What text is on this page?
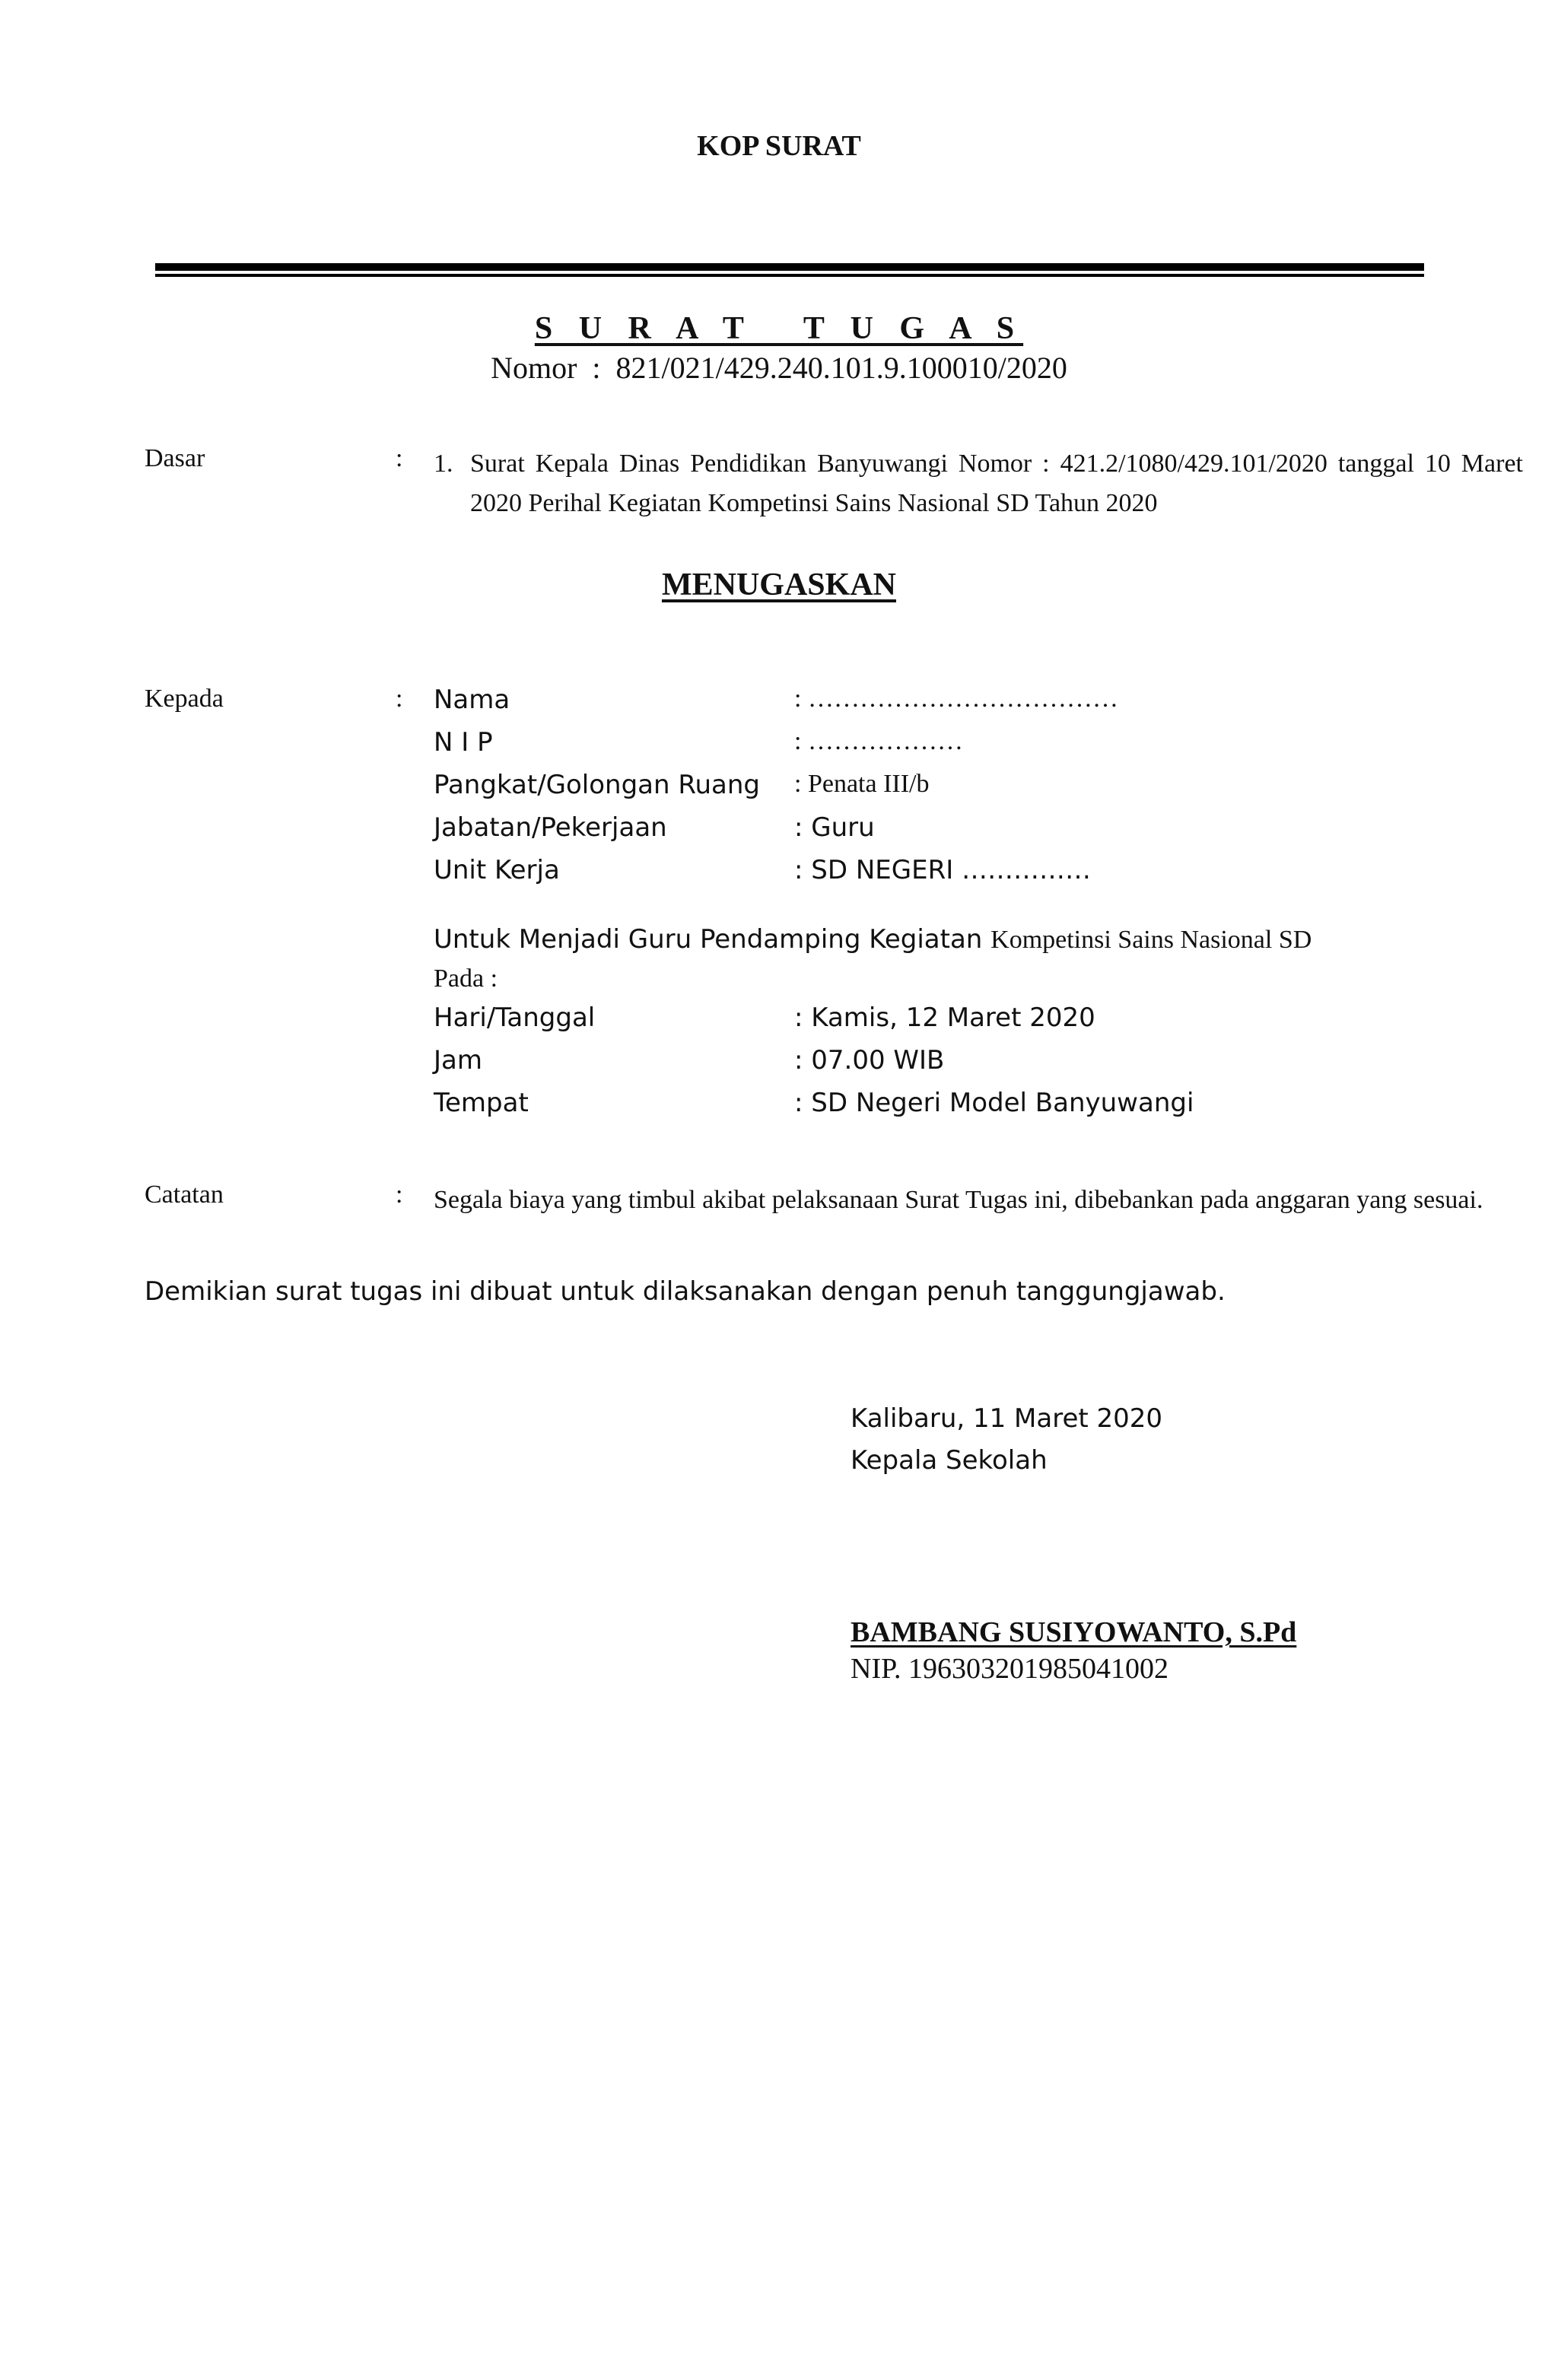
KOP SURAT
S U R A T   T U G A S
Nomor  :  821/021/429.240.101.9.100010/2020
Dasar	: 1. Surat Kepala Dinas Pendidikan Banyuwangi Nomor : 421.2/1080/429.101/2020 tanggal 10 Maret 2020 Perihal Kegiatan Kompetinsi Sains Nasional SD Tahun 2020
MENUGASKAN
Kepada	: Nama	: ………………………………
N I P	: ………………
Pangkat/Golongan Ruang : Penata III/b
Jabatan/Pekerjaan	: Guru
Unit Kerja	: SD NEGERI ……………
Untuk Menjadi Guru Pendamping Kegiatan Kompetinsi Sains Nasional SD
Pada :
Hari/Tanggal	: Kamis, 12 Maret 2020
Jam	: 07.00 WIB
Tempat	: SD Negeri Model Banyuwangi
Catatan	: Segala biaya yang timbul akibat pelaksanaan Surat Tugas ini, dibebankan pada anggaran yang sesuai.
Demikian surat tugas ini dibuat untuk dilaksanakan dengan penuh tanggungjawab.
Kalibaru, 11 Maret 2020
Kepala Sekolah
BAMBANG SUSIYOWANTO, S.Pd
NIP. 196303201985041002
